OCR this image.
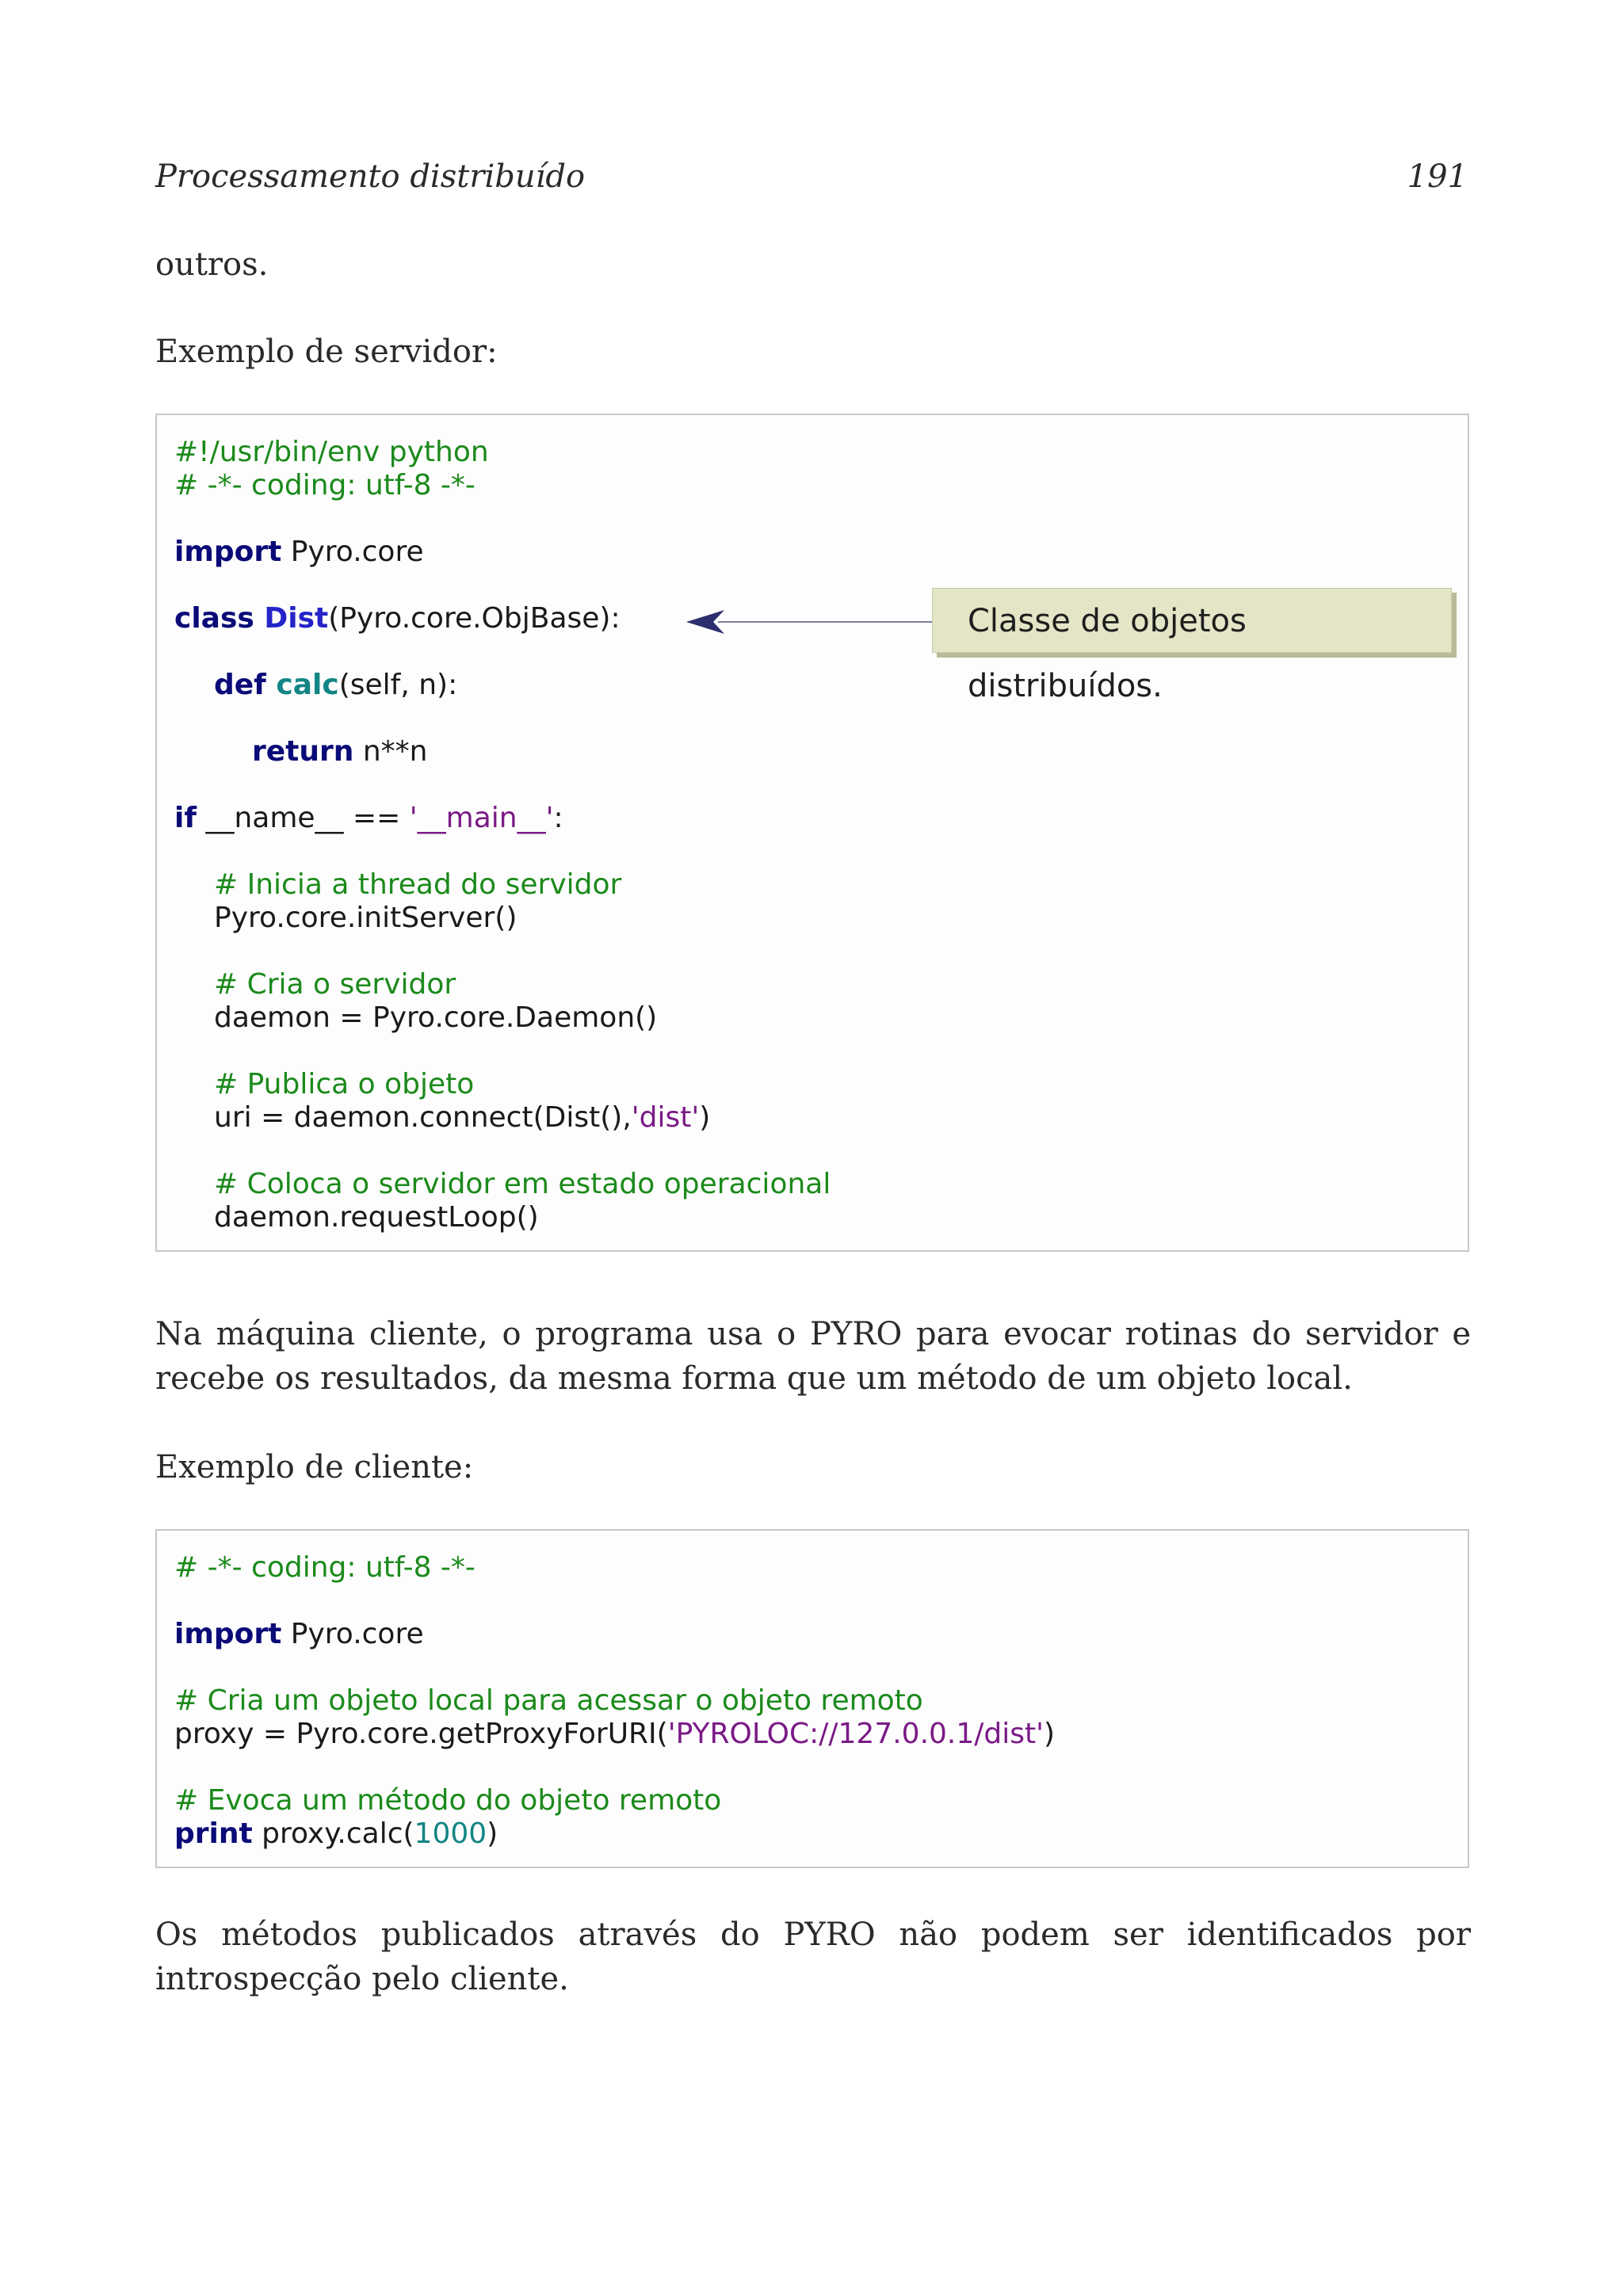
Processamento distribuído	191
outros.
Exemplo de servidor:
#!/usr/bin/env python
# -*- coding: utf-8 -*-
import Pyro.core
class Dist(Pyro.core.ObjBase):
def calc(self, n):
return n**n
if __name__ == '__main__':
# Inicia a thread do servidor
Pyro.core.initServer()
# Cria o servidor
daemon = Pyro.core.Daemon()
# Publica o objeto
uri = daemon.connect(Dist(),'dist')
# Coloca o servidor em estado operacional
daemon.requestLoop()
Classe de objetos distribuídos.
Na máquina cliente, o programa usa o PYRO para evocar rotinas do servidor e recebe os resultados, da mesma forma que um método de um objeto local.
Exemplo de cliente:
# -*- coding: utf-8 -*-
import Pyro.core
# Cria um objeto local para acessar o objeto remoto
proxy = Pyro.core.getProxyForURI('PYROLOC://127.0.0.1/dist')
# Evoca um método do objeto remoto
print proxy.calc(1000)
Os métodos publicados através do PYRO não podem ser identificados por introspecção pelo cliente.
